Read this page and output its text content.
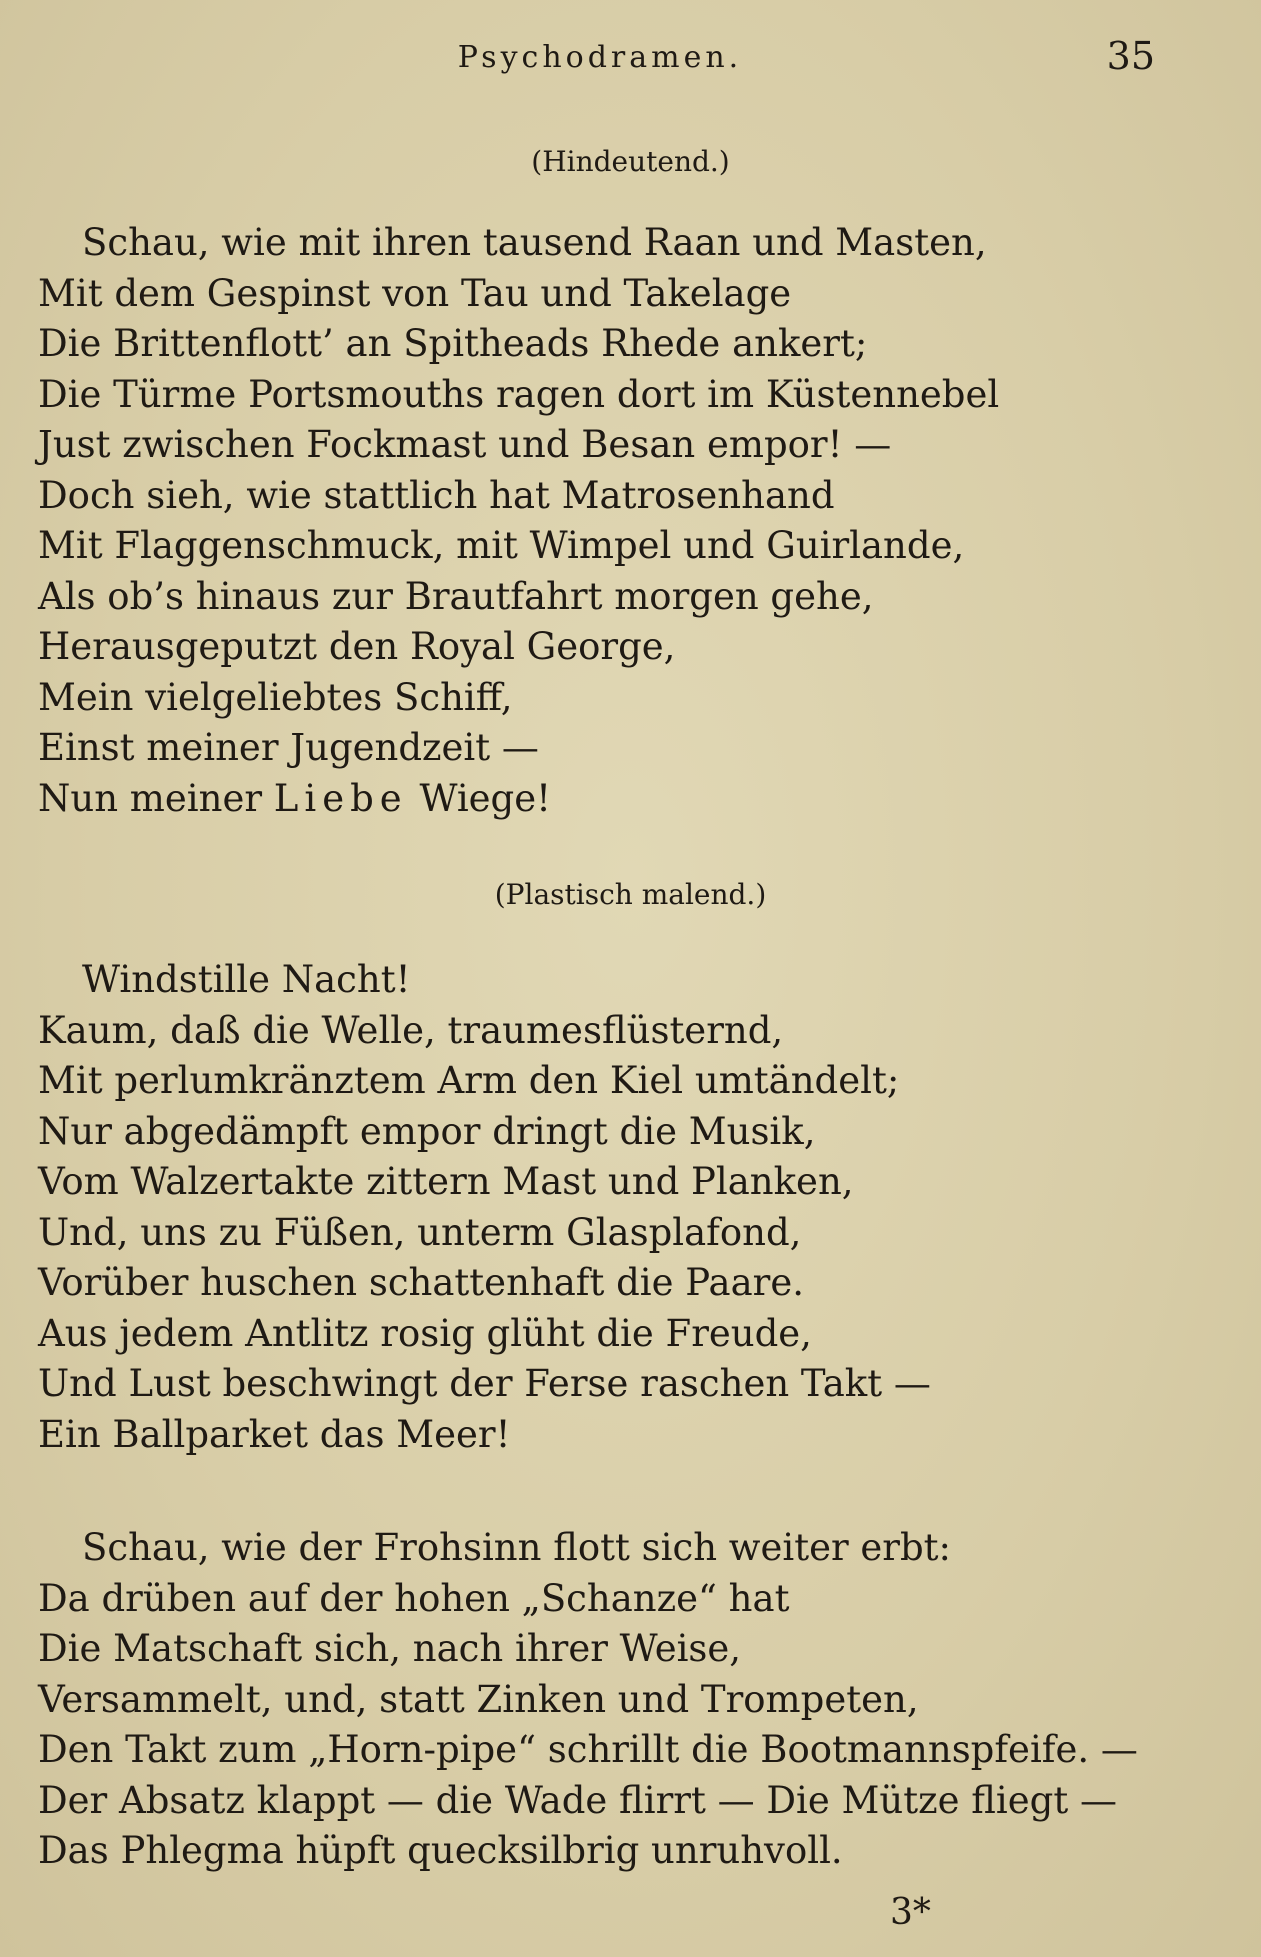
Psychodramen.	35
(Hindeutend.)
Schau, wie mit ihren tausend Raan und Masten,
Mit dem Gespinst von Tau und Takelage
Die Brittenflott’ an Spitheads Rhede ankert;
Die Türme Portsmouths ragen dort im Küstennebel
Just zwischen Fockmast und Besan empor! —
Doch sieh, wie stattlich hat Matrosenhand
Mit Flaggenschmuck, mit Wimpel und Guirlande,
Als ob’s hinaus zur Brautfahrt morgen gehe,
Herausgeputzt den Royal George,
Mein vielgeliebtes Schiff,
Einst meiner Jugendzeit —
Nun meiner Liebe Wiege!
(Plastisch malend.)
Windstille Nacht!
Kaum, daß die Welle, traumesflüsternd,
Mit perlumkränztem Arm den Kiel umtändelt;
Nur abgedämpft empor dringt die Musik,
Vom Walzertakte zittern Mast und Planken,
Und, uns zu Füßen, unterm Glasplafond,
Vorüber huschen schattenhaft die Paare.
Aus jedem Antlitz rosig glüht die Freude,
Und Lust beschwingt der Ferse raschen Takt —
Ein Ballparket das Meer!
Schau, wie der Frohsinn flott sich weiter erbt:
Da drüben auf der hohen „Schanze“ hat
Die Matschaft sich, nach ihrer Weise,
Versammelt, und, statt Zinken und Trompeten,
Den Takt zum „Horn-pipe“ schrillt die Bootmannspfeife. —
Der Absatz klappt — die Wade flirrt — Die Mütze fliegt —
Das Phlegma hüpft quecksilbrig unruhvoll.
3*
